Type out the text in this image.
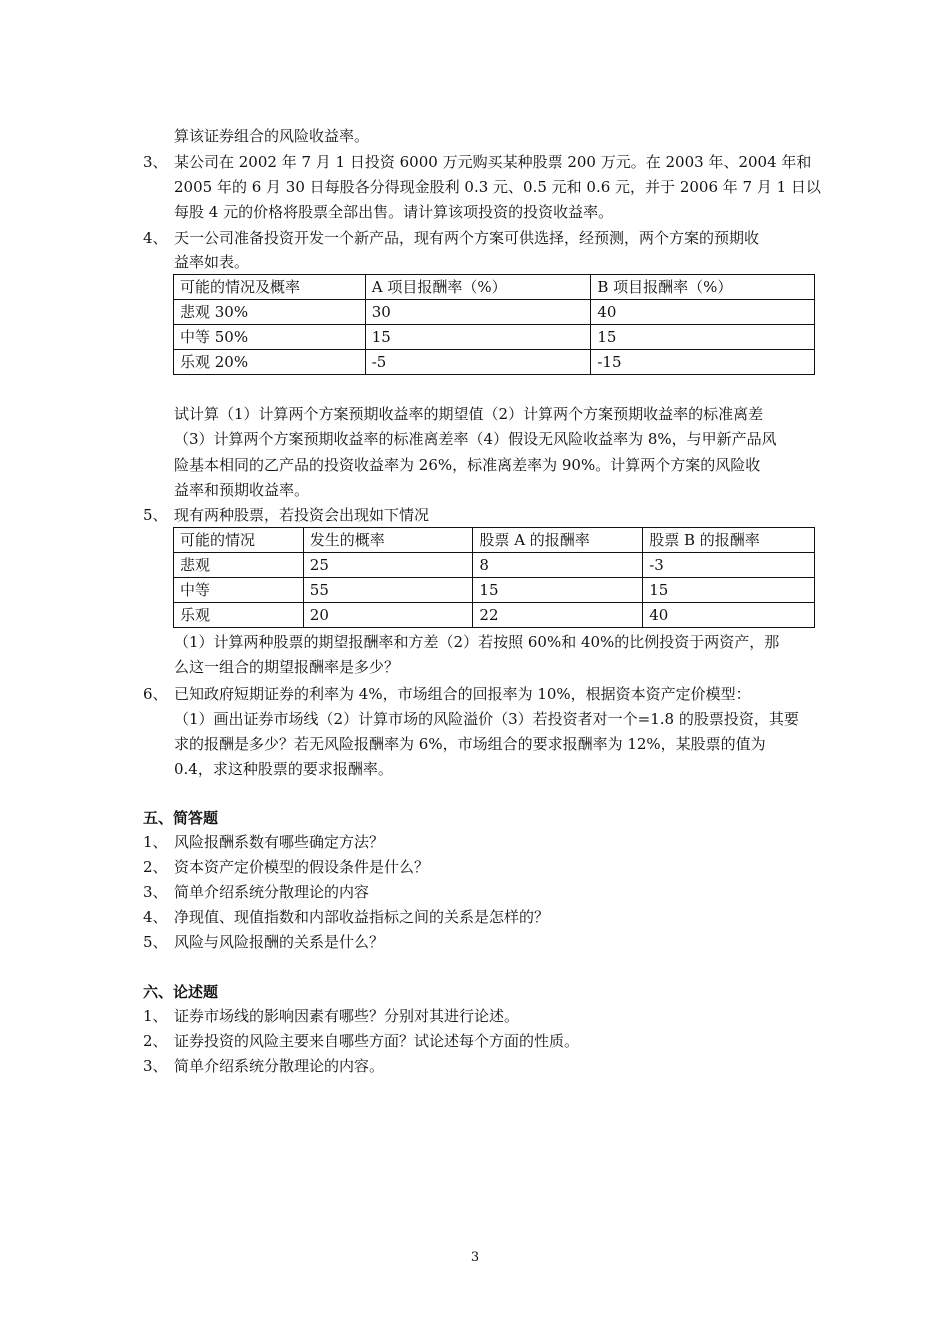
算该证券组合的风险收益率。
3、 某公司在 2002 年 7 月 1 日投资 6000 万元购买某种股票 200 万元。在 2003 年、2004 年和
2005 年的 6 月 30 日每股各分得现金股利 0.3 元、0.5 元和 0.6 元，并于 2006 年 7 月 1 日以
每股 4 元的价格将股票全部出售。请计算该项投资的投资收益率。
4、 天一公司准备投资开发一个新产品，现有两个方案可供选择，经预测，两个方案的预期收
益率如表。
可能的情况及概率	A 项目报酬率（%）	B 项目报酬率（%）
悲观 30%	30	40
中等 50%	15	15
乐观 20%	-5	-15
试计算（1）计算两个方案预期收益率的期望值（2）计算两个方案预期收益率的标准离差
（3）计算两个方案预期收益率的标准离差率（4）假设无风险收益率为 8%，与甲新产品风
险基本相同的乙产品的投资收益率为 26%，标准离差率为 90%。计算两个方案的风险收
益率和预期收益率。
5、 现有两种股票，若投资会出现如下情况
可能的情况	发生的概率	股票 A 的报酬率	股票 B 的报酬率
悲观	25	8	-3
中等	55	15	15
乐观	20	22	40
（1）计算两种股票的期望报酬率和方差（2）若按照 60%和 40%的比例投资于两资产，那
么这一组合的期望报酬率是多少？
6、 已知政府短期证券的利率为 4%，市场组合的回报率为 10%，根据资本资产定价模型：
（1）画出证券市场线（2）计算市场的风险溢价（3）若投资者对一个=1.8 的股票投资，其要
求的报酬是多少？若无风险报酬率为 6%，市场组合的要求报酬率为 12%，某股票的值为
0.4，求这种股票的要求报酬率。
五、简答题
1、 风险报酬系数有哪些确定方法？
2、 资本资产定价模型的假设条件是什么？
3、 简单介绍系统分散理论的内容
4、 净现值、现值指数和内部收益指标之间的关系是怎样的？
5、 风险与风险报酬的关系是什么？
六、论述题
1、 证券市场线的影响因素有哪些？分别对其进行论述。
2、 证券投资的风险主要来自哪些方面？试论述每个方面的性质。
3、 简单介绍系统分散理论的内容。
3
